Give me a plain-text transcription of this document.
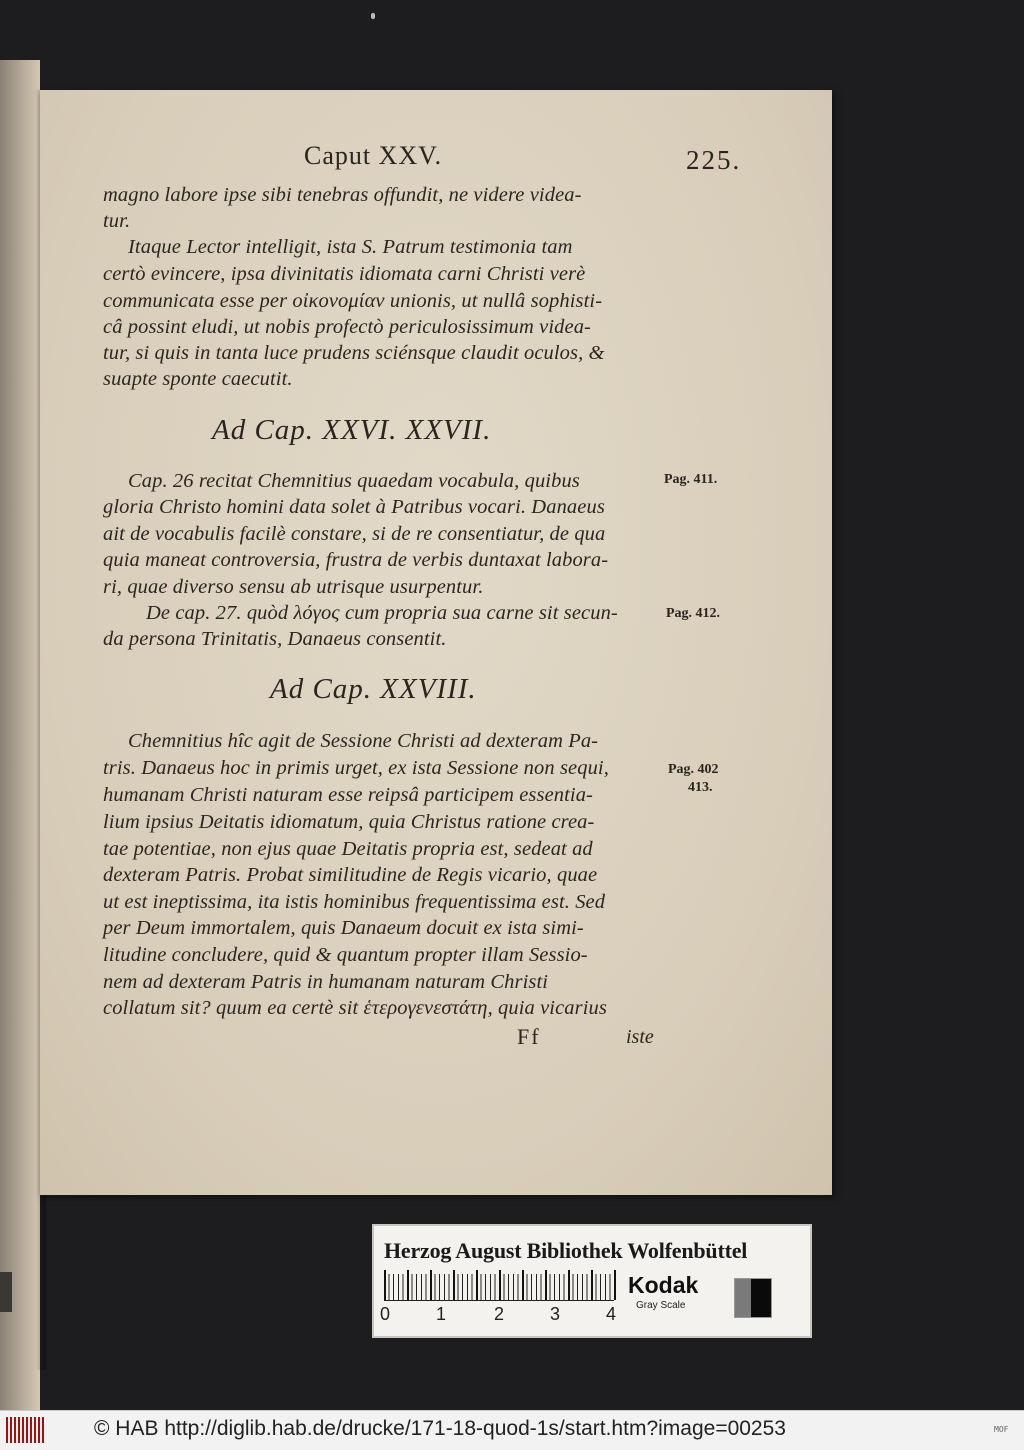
Caput XXV.	225.
magno labore ipse sibi tenebras offundit, ne videre videa-
tur.
Itaque Lector intelligit, ista S. Patrum testimonia tam
certò evincere, ipsa divinitatis idiomata carni Christi verè
communicata esse per οἰκονομίαν unionis, ut nullâ sophisti-
câ possint eludi, ut nobis profectò periculosissimum videa-
tur, si quis in tanta luce prudens sciénsque claudit oculos, &
suapte sponte caecutit.
Ad Cap. XXVI. XXVII.
Cap. 26 recitat Chemnitius quaedam vocabula, quibus
gloria Christo homini data solet à Patribus vocari. Danaeus
ait de vocabulis facilè constare, si de re consentiatur, de qua
quia maneat controversia, frustra de verbis duntaxat labora-
ri, quae diverso sensu ab utrisque usurpentur.
De cap. 27. quòd λόγος cum propria sua carne sit secun-
da persona Trinitatis, Danaeus consentit.
Ad Cap. XXVIII.
Chemnitius hîc agit de Sessione Christi ad dexteram Pa-
tris. Danaeus hoc in primis urget, ex ista Sessione non sequi,
humanam Christi naturam esse reipsâ participem essentia-
lium ipsius Deitatis idiomatum, quia Christus ratione crea-
tae potentiae, non ejus quae Deitatis propria est, sedeat ad
dexteram Patris. Probat similitudine de Regis vicario, quae
ut est ineptissima, ita istis hominibus frequentissima est. Sed
per Deum immortalem, quis Danaeum docuit ex ista simi-
litudine concludere, quid & quantum propter illam Sessio-
nem ad dexteram Patris in humanam naturam Christi
collatum sit? quum ea certè sit ἑτερογενεστάτη, quia vicarius
Pag. 411.
Pag. 412.
Pag. 402
413.
Ff	iste
Herzog August Bibliothek Wolfenbüttel
0	1	2	3	4
Kodak
Gray Scale
© HAB http://diglib.hab.de/drucke/171-18-quod-1s/start.htm?image=00253	MOF
